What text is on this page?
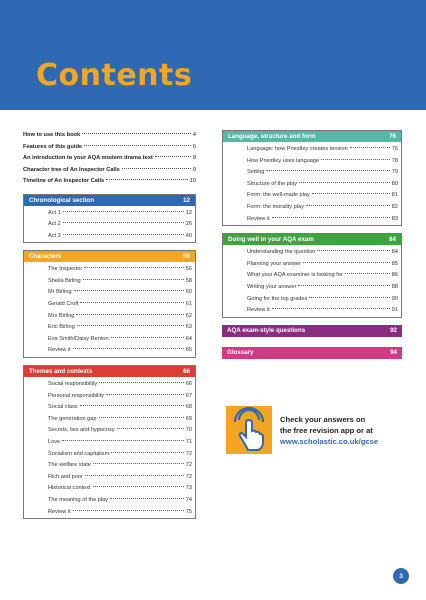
Contents
How to use this book	4
Features of this guide	6
An introduction to your AQA modern drama text	8
Character tree of An Inspector Calls	9
Timeline of An Inspector Calls	10
Chronological section	12
Act 1	12
Act 2	26
Act 3	40
Characters	56
The Inspector	56
Sheila Birling	58
Mr Birling	60
Gerald Croft	61
Mrs Birling	62
Eric Birling	63
Eva Smith/Daisy Renton	64
Review it	65
Themes and contexts	66
Social responsibility	66
Personal responsibility	67
Social class	68
The generation gap	69
Secrets, lies and hypocrisy	70
Love	71
Socialism and capitalism	72
The welfare state	72
Rich and poor	72
Historical context	73
The meaning of the play	74
Review it	75
Language, structure and form	76
Language: how Priestley creates tension	76
How Priestley uses language	78
Setting	79
Structure of the play	80
Form: the well-made play	81
Form: the morality play	82
Review it	83
Doing well in your AQA exam	84
Understanding the question	84
Planning your answer	85
What your AQA examiner is looking for	86
Writing your answer	88
Going for the top grades	90
Review it	91
AQA exam-style questions	92
Glossary	94
Check your answers on
the free revision app or at
www.scholastic.co.uk/gcse
3
